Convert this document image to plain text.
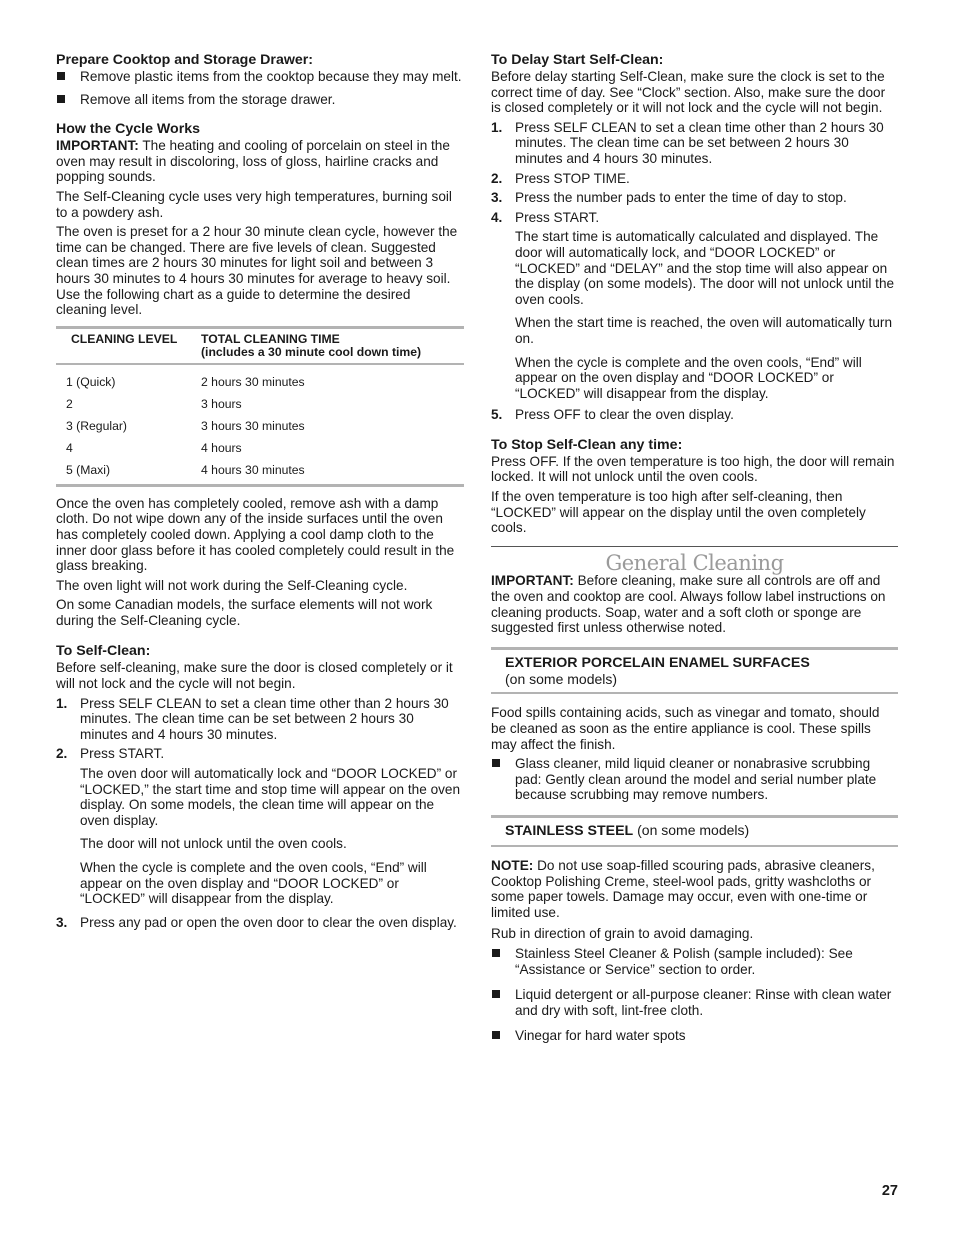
Prepare Cooktop and Storage Drawer:
Remove plastic items from the cooktop because they may melt.
Remove all items from the storage drawer.
How the Cycle Works

IMPORTANT: The heating and cooling of porcelain on steel in the oven may result in discoloring, loss of gloss, hairline cracks and popping sounds.

The Self-Cleaning cycle uses very high temperatures, burning soil to a powdery ash.

The oven is preset for a 2 hour 30 minute clean cycle, however the time can be changed. There are five levels of clean. Suggested clean times are 2 hours 30 minutes for light soil and between 3 hours 30 minutes to 4 hours 30 minutes for average to heavy soil. Use the following chart as a guide to determine the desired cleaning level.

CLEANING LEVEL	TOTAL CLEANING TIME
(includes a 30 minute cool down time)

1 (Quick)	2 hours 30 minutes
2	3 hours
3 (Regular)	3 hours 30 minutes
4	4 hours
5 (Maxi)	4 hours 30 minutes

Once the oven has completely cooled, remove ash with a damp cloth. Do not wipe down any of the inside surfaces until the oven has completely cooled down. Applying a cool damp cloth to the inner door glass before it has cooled completely could result in the glass breaking.

The oven light will not work during the Self-Cleaning cycle.

On some Canadian models, the surface elements will not work during the Self-Cleaning cycle.

To Self-Clean:

Before self-cleaning, make sure the door is closed completely or it will not lock and the cycle will not begin.

1. Press SELF CLEAN to set a clean time other than 2 hours 30 minutes. The clean time can be set between 2 hours 30 minutes and 4 hours 30 minutes.
2. Press START.
The oven door will automatically lock and “DOOR LOCKED” or “LOCKED,” the start time and stop time will appear on the oven display. On some models, the clean time will appear on the oven display.
The door will not unlock until the oven cools.
When the cycle is complete and the oven cools, “End” will appear on the oven display and “DOOR LOCKED” or “LOCKED” will disappear from the display.
3. Press any pad or open the oven door to clear the oven display.
To Delay Start Self-Clean:

Before delay starting Self-Clean, make sure the clock is set to the correct time of day. See “Clock” section. Also, make sure the door is closed completely or it will not lock and the cycle will not begin.

1. Press SELF CLEAN to set a clean time other than 2 hours 30 minutes. The clean time can be set between 2 hours 30 minutes and 4 hours 30 minutes.
2. Press STOP TIME.
3. Press the number pads to enter the time of day to stop.
4. Press START.
The start time is automatically calculated and displayed. The door will automatically lock, and “DOOR LOCKED” or “LOCKED” and “DELAY” and the stop time will also appear on the display (on some models). The door will not unlock until the oven cools.
When the start time is reached, the oven will automatically turn on.
When the cycle is complete and the oven cools, “End” will appear on the oven display and “DOOR LOCKED” or “LOCKED” will disappear from the display.
5. Press OFF to clear the oven display.
To Stop Self-Clean any time:

Press OFF. If the oven temperature is too high, the door will remain locked. It will not unlock until the oven cools.

If the oven temperature is too high after self-cleaning, then “LOCKED” will appear on the display until the oven completely cools.

General Cleaning

IMPORTANT: Before cleaning, make sure all controls are off and the oven and cooktop are cool. Always follow label instructions on cleaning products. Soap, water and a soft cloth or sponge are suggested first unless otherwise noted.

EXTERIOR PORCELAIN ENAMEL SURFACES
(on some models)

Food spills containing acids, such as vinegar and tomato, should be cleaned as soon as the entire appliance is cool. These spills may affect the finish.

Glass cleaner, mild liquid cleaner or nonabrasive scrubbing pad: Gently clean around the model and serial number plate because scrubbing may remove numbers.
STAINLESS STEEL (on some models)

NOTE: Do not use soap-filled scouring pads, abrasive cleaners, Cooktop Polishing Creme, steel-wool pads, gritty washcloths or some paper towels. Damage may occur, even with one-time or limited use.

Rub in direction of grain to avoid damaging.

Stainless Steel Cleaner & Polish (sample included): See “Assistance or Service” section to order.
Liquid detergent or all-purpose cleaner: Rinse with clean water and dry with soft, lint-free cloth.
Vinegar for hard water spots
27
